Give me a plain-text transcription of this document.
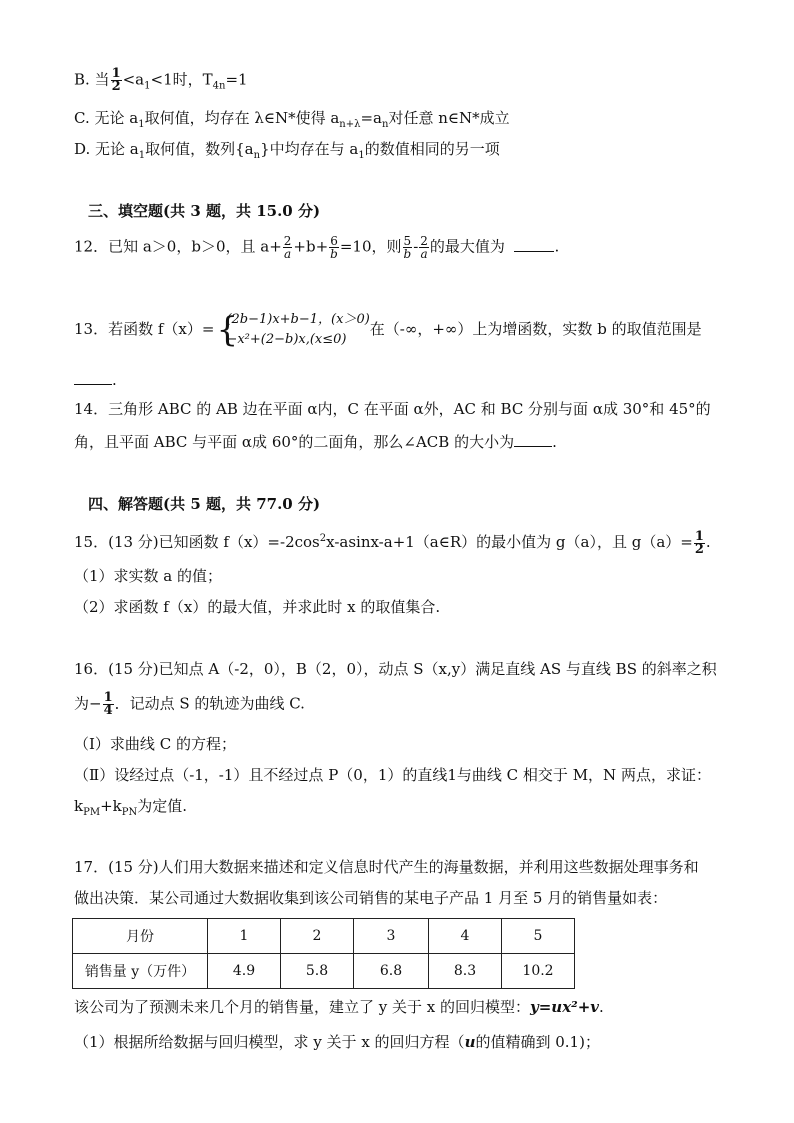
B. 当 $\frac{1}{2} <a_1<1$时，$T_{4n}=1$
C. 无论 $a_1$取何值，均存在 λ∈N*使得 $a_{n+\lambda}=a_n$对任意 n∈N*成立
D. 无论 $a_1$取何值，数列$\{a_n\}$中均存在与 $a_1$的数值相同的另一项
三、填空题(共 3 题，共 15.0 分)
12．已知 a＞0，b＞0，且 $a+ \frac{2}{a} +b+ \frac{6}{b} =10$，则 $\frac{5}{b} - \frac{2}{a}$ 的最大值为	.
13．若函数 f（x）= {
(2b−1)x+b−1，(x＞0)
−x²+(2−b)x,(x≤0)
在（-∞，+∞）上为增函数，实数 b 的取值范围是
.
14．三角形 ABC 的 AB 边在平面 α内，C 在平面 α外，AC 和 BC 分别与面 α成 30°和 45°的
角，且平面 ABC 与平面 α成 60°的二面角，那么∠ACB 的大小为	.
四、解答题(共 5 题，共 77.0 分)
15．(13 分)已知函数 $f(x)=-2\cos^2x-asinx-a+1(a\in R)$的最小值为 g（a），且 $g(a)= \frac{1}{2}$ .
（1）求实数 a 的值；
（2）求函数 f（x）的最大值，并求此时 x 的取值集合.
16．(15 分)已知点 A（-2，0），B（2，0），动点 S（x,y）满足直线 AS 与直线 BS 的斜率之积
为− $\frac{1}{4}$ ．记动点 S 的轨迹为曲线 C.
（Ⅰ）求曲线 C 的方程；
（Ⅱ）设经过点（-1，-1）且不经过点 P（0，1）的直线1与曲线 C 相交于 M，N 两点，求证：
$k_{PM}+k_{PN}$为定值.
17．(15 分)人们用大数据来描述和定义信息时代产生的海量数据，并利用这些数据处理事务和
做出决策．某公司通过大数据收集到该公司销售的某电子产品 1 月至 5 月的销售量如表：
月份	1	2	3	4	5
销售量 y（万件）	4.9	5.8	6.8	8.3	10.2
该公司为了预测未来几个月的销售量，建立了 y 关于 x 的回归模型：y=ux²+v.
（1）根据所给数据与回归模型，求 y 关于 x 的回归方程（u的值精确到 0.1)；
